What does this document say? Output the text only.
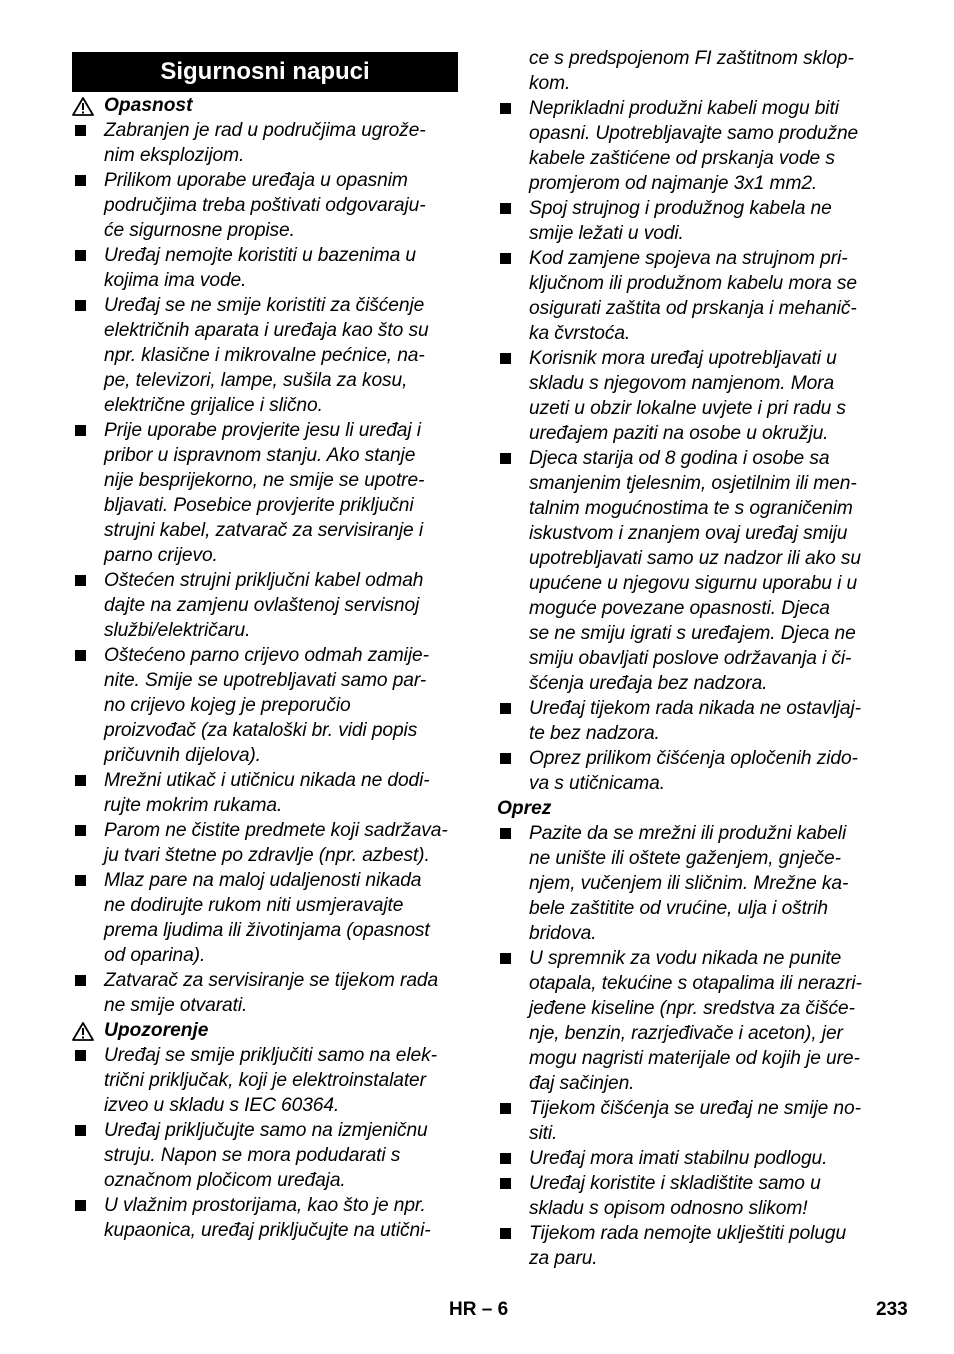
Sigurnosni napuci
Opasnost
Zabranjen je rad u područjima ugrože-
nim eksplozijom.
Prilikom uporabe uređaja u opasnim
područjima treba poštivati odgovaraju-
će sigurnosne propise.
Uređaj nemojte koristiti u bazenima u
kojima ima vode.
Uređaj se ne smije koristiti za čišćenje
električnih aparata i uređaja kao što su
npr. klasične i mikrovalne pećnice, na-
pe, televizori, lampe, sušila za kosu,
električne grijalice i slično.
Prije uporabe provjerite jesu li uređaj i
pribor u ispravnom stanju. Ako stanje
nije besprijekorno, ne smije se upotre-
bljavati. Posebice provjerite priključni
strujni kabel, zatvarač za servisiranje i
parno crijevo.
Oštećen strujni priključni kabel odmah
dajte na zamjenu ovlaštenoj servisnoj
službi/električaru.
Oštećeno parno crijevo odmah zamije-
nite. Smije se upotrebljavati samo par-
no crijevo kojeg je preporučio
proizvođač (za kataloški br. vidi popis
pričuvnih dijelova).
Mrežni utikač i utičnicu nikada ne dodi-
rujte mokrim rukama.
Parom ne čistite predmete koji sadržava-
ju tvari štetne po zdravlje (npr. azbest).
Mlaz pare na maloj udaljenosti nikada
ne dodirujte rukom niti usmjeravajte
prema ljudima ili životinjama (opasnost
od oparina).
Zatvarač za servisiranje se tijekom rada
ne smije otvarati.
Upozorenje
Uređaj se smije priključiti samo na elek-
trični priključak, koji je elektroinstalater
izveo u skladu s IEC 60364.
Uređaj priključujte samo na izmjeničnu
struju. Napon se mora podudarati s
označnom pločicom uređaja.
U vlažnim prostorijama, kao što je npr.
kupaonica, uređaj priključujte na utični-
ce s predspojenom FI zaštitnom sklop-
kom.
Neprikladni produžni kabeli mogu biti
opasni. Upotrebljavajte samo produžne
kabele zaštićene od prskanja vode s
promjerom od najmanje 3x1 mm2.
Spoj strujnog i produžnog kabela ne
smije ležati u vodi.
Kod zamjene spojeva na strujnom pri-
ključnom ili produžnom kabelu mora se
osigurati zaštita od prskanja i mehanič-
ka čvrstoća.
Korisnik mora uređaj upotrebljavati u
skladu s njegovom namjenom. Mora
uzeti u obzir lokalne uvjete i pri radu s
uređajem paziti na osobe u okružju.
Djeca starija od 8 godina i osobe sa
smanjenim tjelesnim, osjetilnim ili men-
talnim mogućnostima te s ograničenim
iskustvom i znanjem ovaj uređaj smiju
upotrebljavati samo uz nadzor ili ako su
upućene u njegovu sigurnu uporabu i u
moguće povezane opasnosti. Djeca
se ne smiju igrati s uređajem. Djeca ne
smiju obavljati poslove održavanja i či-
šćenja uređaja bez nadzora.
Uređaj tijekom rada nikada ne ostavljaj-
te bez nadzora.
Oprez prilikom čišćenja opločenih zido-
va s utičnicama.
Oprez
Pazite da se mrežni ili produžni kabeli
ne unište ili oštete gaženjem, gnječe-
njem, vučenjem ili sličnim. Mrežne ka-
bele zaštitite od vrućine, ulja i oštrih
bridova.
U spremnik za vodu nikada ne punite
otapala, tekućine s otapalima ili nerazri-
jeđene kiseline (npr. sredstva za čišće-
nje, benzin, razrjeđivače i aceton), jer
mogu nagristi materijale od kojih je ure-
đaj sačinjen.
Tijekom čišćenja se uređaj ne smije no-
siti.
Uređaj mora imati stabilnu podlogu.
Uređaj koristite i skladištite samo u
skladu s opisom odnosno slikom!
Tijekom rada nemojte uklještiti polugu
za paru.
HR – 6	233
